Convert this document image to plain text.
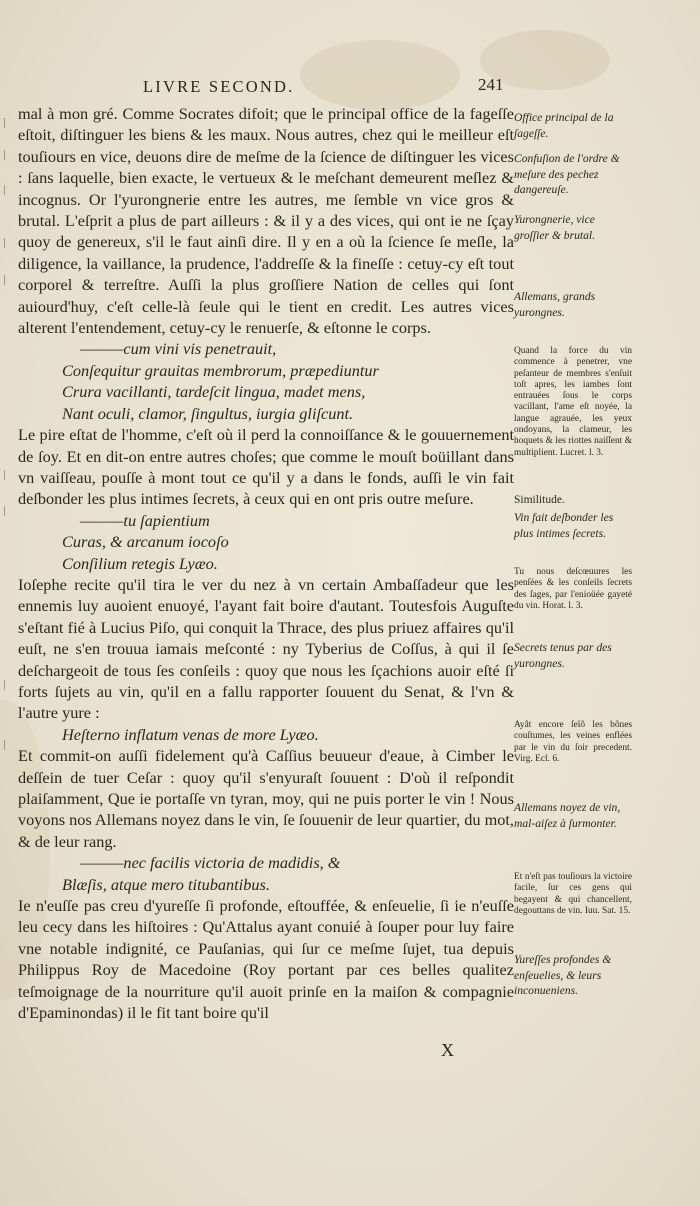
LIVRE SECOND.	241
mal à mon gré. Comme Socrates difoit; que le principal office de la fageſſe eſtoit, diſtinguer les biens & les maux. Nous autres, chez qui le meilleur eſt touſiours en vice, deuons dire de meſme de la ſcience de diſtinguer les vices : ſans laquelle, bien exacte, le vertueux & le meſchant demeurent meſlez & incognus. Or l'yurongnerie entre les autres, me ſemble vn vice gros & brutal. L'eſprit a plus de part ailleurs : & il y a des vices, qui ont ie ne ſçay quoy de genereux, s'il le faut ainſi dire. Il y en a où la ſcience ſe meſle, la diligence, la vaillance, la prudence, l'addreſſe & la fineſſe : cetuy-cy eſt tout corporel & terreſtre. Auſſi la plus groſſiere Nation de celles qui ſont auiourd'huy, c'eſt celle-là ſeule qui le tient en credit. Les autres vices alterent l'entendement, cetuy-cy le renuerſe, & eſtonne le corps.
———cum vini vis penetrauit,
Conſequitur grauitas membrorum, præpediuntur
Crura vacillanti, tardeſcit lingua, madet mens,
Nant oculi, clamor, ſingultus, iurgia gliſcunt.
Le pire eſtat de l'homme, c'eſt où il perd la connoiſſance & le gouuernement de ſoy. Et en dit-on entre autres choſes; que comme le mouſt boüillant dans vn vaiſſeau, pouſſe à mont tout ce qu'il y a dans le fonds, auſſi le vin fait deſbonder les plus intimes ſecrets, à ceux qui en ont pris outre meſure.
———tu ſapientium
Curas, & arcanum iocoſo
Conſilium retegis Lyæo.
Ioſephe recite qu'il tira le ver du nez à vn certain Ambaſſadeur que les ennemis luy auoient enuoyé, l'ayant fait boire d'autant. Toutesfois Auguſte s'eſtant fié à Lucius Piſo, qui conquit la Thrace, des plus priuez affaires qu'il euſt, ne s'en trouua iamais meſconté : ny Tyberius de Coſſus, à qui il ſe deſchargeoit de tous ſes conſeils : quoy que nous les ſçachions auoir eſté ſi forts ſujets au vin, qu'il en a fallu rapporter ſouuent du Senat, & l'vn & l'autre yure :
Heſterno inflatum venas de more Lyæo.
Et commit-on auſſi fidelement qu'à Caſſius beuueur d'eaue, à Cimber le deſſein de tuer Ceſar : quoy qu'il s'enyuraſt ſouuent : D'où il reſpondit plaiſamment, Que ie portaſſe vn tyran, moy, qui ne puis porter le vin ! Nous voyons nos Allemans noyez dans le vin, ſe ſouuenir de leur quartier, du mot, & de leur rang.
———nec facilis victoria de madidis, &
Blæſis, atque mero titubantibus.
Ie n'euſſe pas creu d'yureſſe ſi profonde, eſtouffée, & enſeuelie, ſi ie n'euſſe leu cecy dans les hiſtoires : Qu'Attalus ayant conuié à ſouper pour luy faire vne notable indignité, ce Pauſanias, qui ſur ce meſme ſujet, tua depuis Philippus Roy de Macedoine (Roy portant par ces belles qualitez teſmoignage de la nourriture qu'il auoit prinſe en la maiſon & compagnie d'Epaminondas) il le fit tant boire qu'il
Office principal de la ſageſſe.
Confuſion de l'ordre & meſure des pechez dangereuſe.
Yurongnerie, vice groſſier & brutal.
Allemans, grands yurongnes.
Quand la force du vin commence à penetrer, vne peſanteur de membres s'enſuit toſt apres, les iambes ſont entrauées ſous le corps vacillant, l'ame eſt noyée, la langue agrauée, les yeux ondoyans, la clameur, les hoquets & les riottes naiſſent & multiplient. Lucret. l. 3.
Similitude.
Vin fait deſbonder les plus intimes ſecrets.
Tu nous deſcœuures les penſées & les conſeils ſecrets des ſages, par l'enioüée gayeté du vin. Horat. l. 3.
Secrets tenus par des yurongnes.
Ayât encore ſelõ les bõnes couſtumes, les veines enflées par le vin du ſoir precedent. Virg. Ecl. 6.
Allemans noyez de vin, mal-aiſez à ſurmonter.
Et n'eſt pas touſiours la victoire facile, ſur ces gens qui begayent & qui chancellent, degouttans de vin. Iuu. Sat. 15.
Yureſſes profondes & enſeuelies, & leurs inconueniens.
X
